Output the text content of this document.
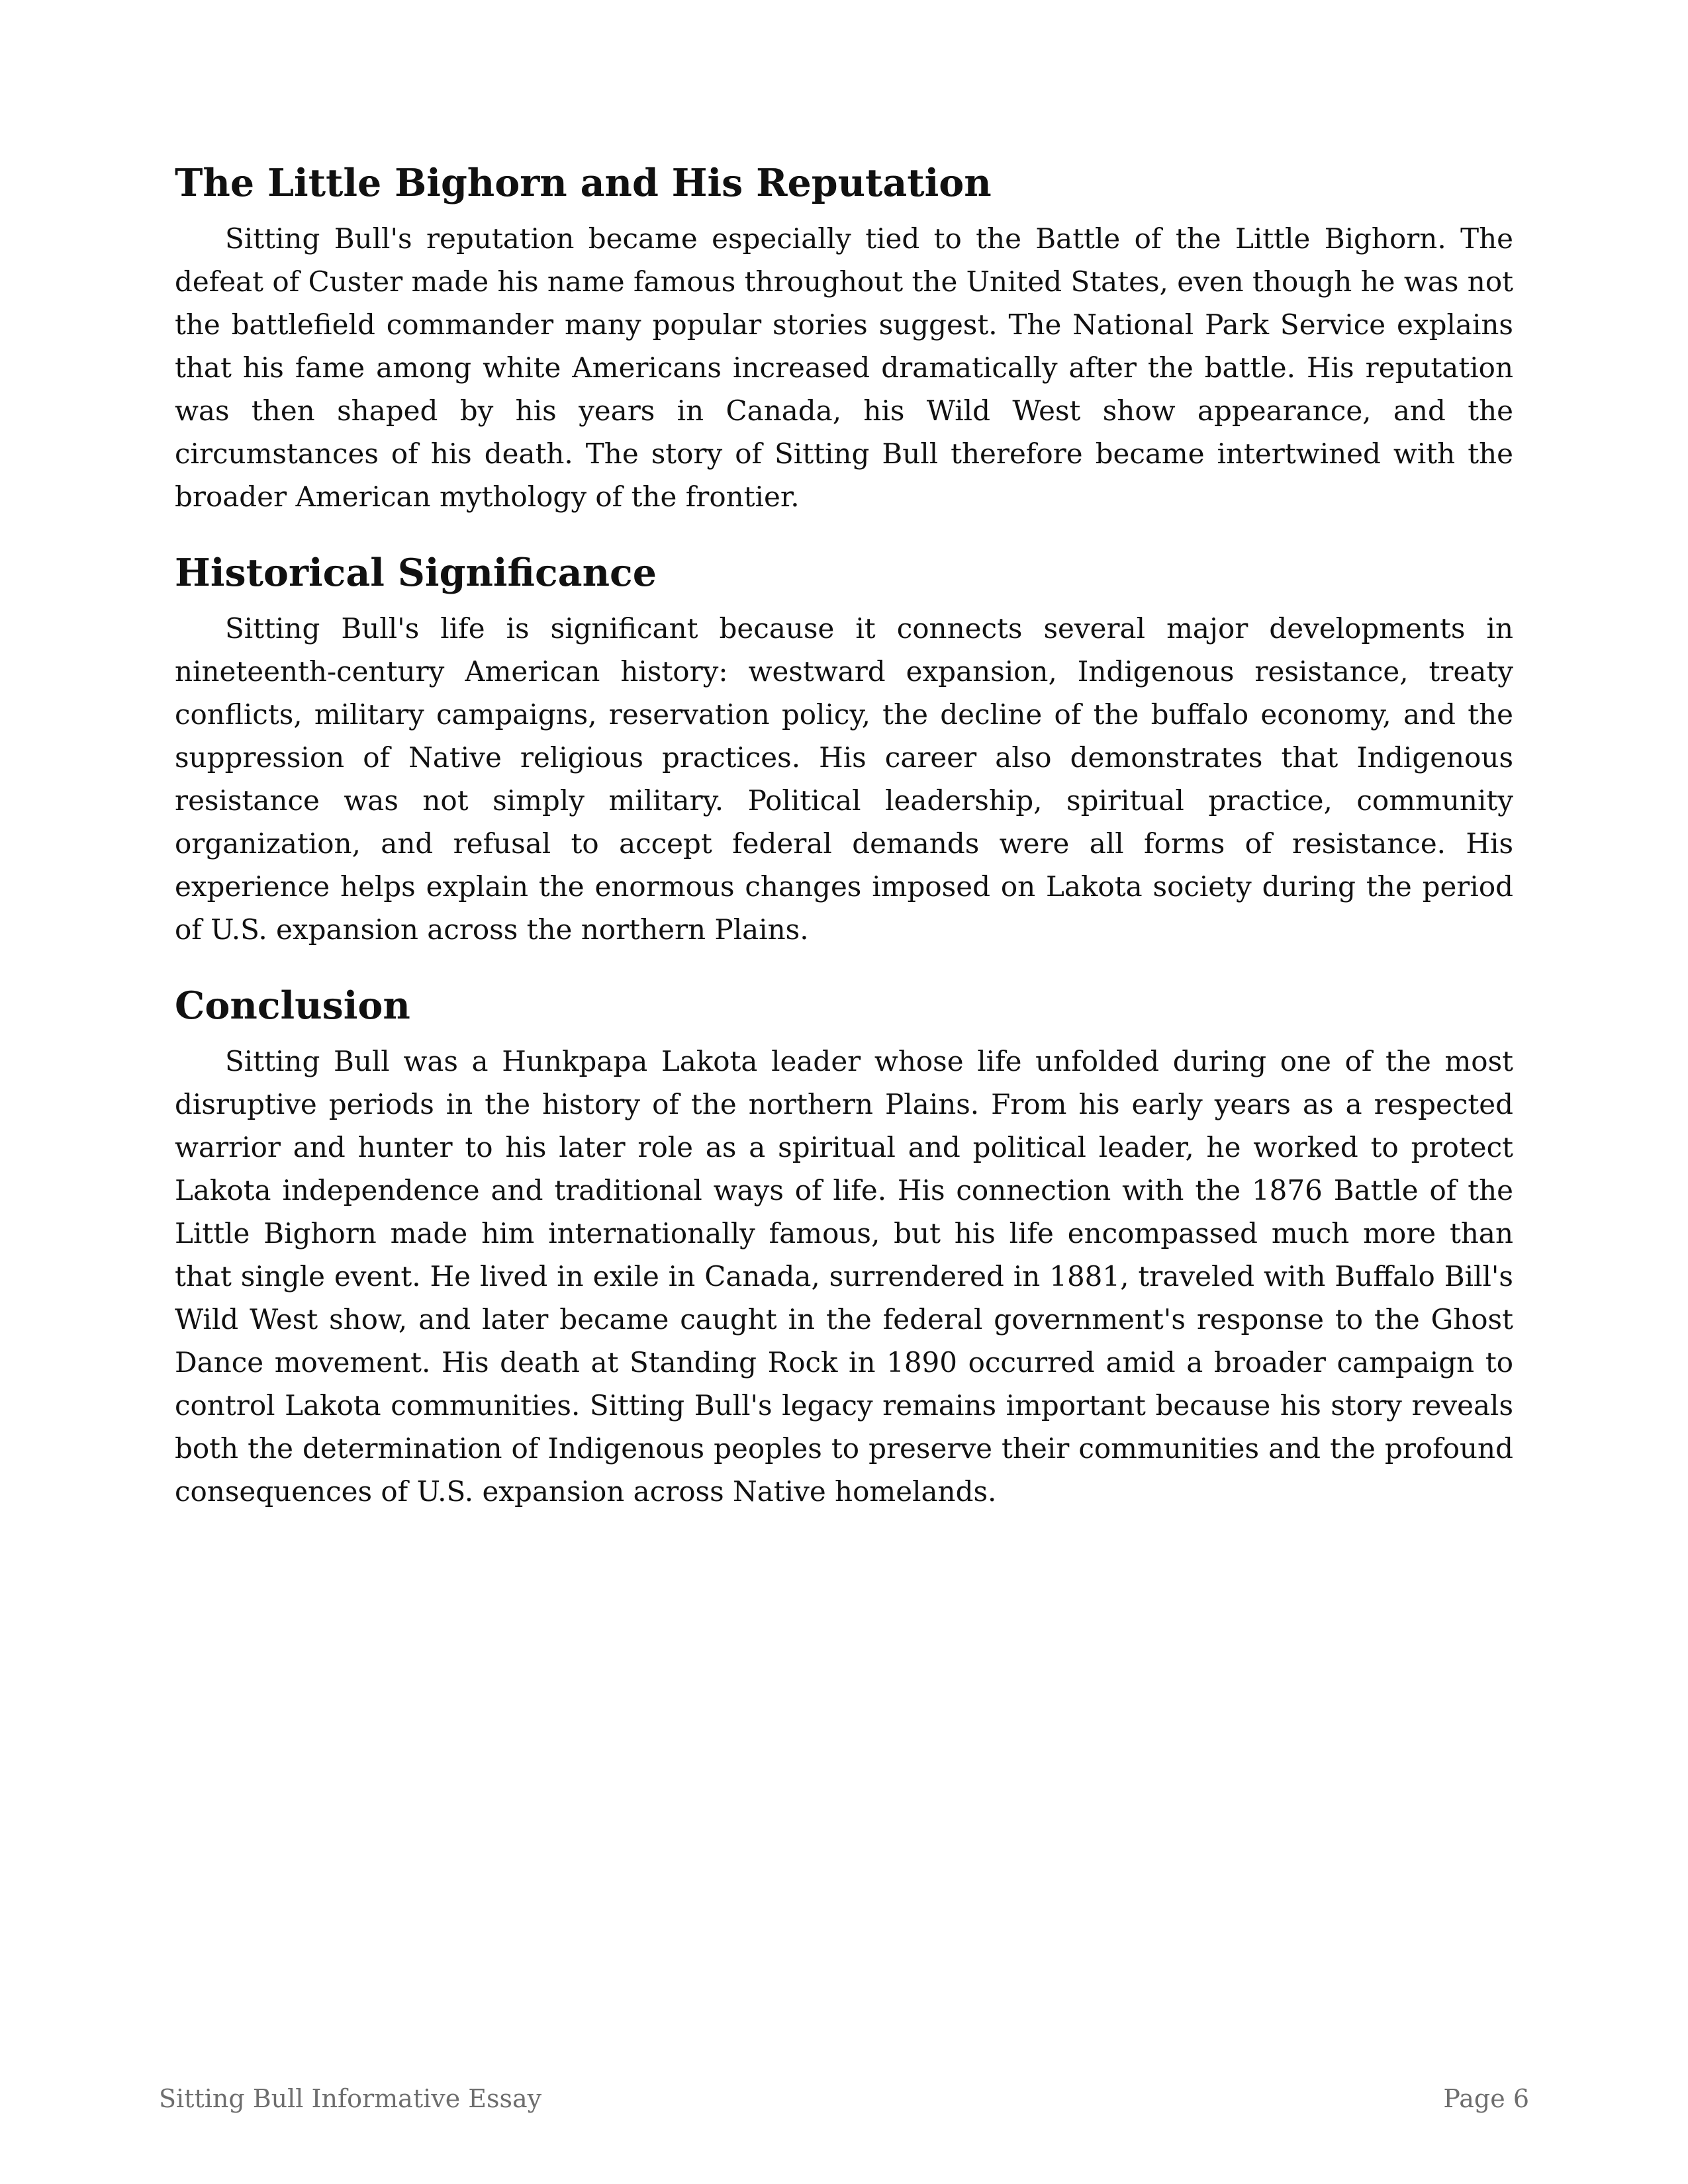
The Little Bighorn and His Reputation

Sitting Bull's reputation became especially tied to the Battle of the Little Bighorn. The defeat of Custer made his name famous throughout the United States, even though he was not the battlefield commander many popular stories suggest. The National Park Service explains that his fame among white Americans increased dramatically after the battle. His reputation was then shaped by his years in Canada, his Wild West show appearance, and the circumstances of his death. The story of Sitting Bull therefore became intertwined with the broader American mythology of the frontier.

Historical Significance

Sitting Bull's life is significant because it connects several major developments in nineteenth-century American history: westward expansion, Indigenous resistance, treaty conflicts, military campaigns, reservation policy, the decline of the buffalo economy, and the suppression of Native religious practices. His career also demonstrates that Indigenous resistance was not simply military. Political leadership, spiritual practice, community organization, and refusal to accept federal demands were all forms of resistance. His experience helps explain the enormous changes imposed on Lakota society during the period of U.S. expansion across the northern Plains.

Conclusion

Sitting Bull was a Hunkpapa Lakota leader whose life unfolded during one of the most disruptive periods in the history of the northern Plains. From his early years as a respected warrior and hunter to his later role as a spiritual and political leader, he worked to protect Lakota independence and traditional ways of life. His connection with the 1876 Battle of the Little Bighorn made him internationally famous, but his life encompassed much more than that single event. He lived in exile in Canada, surrendered in 1881, traveled with Buffalo Bill's Wild West show, and later became caught in the federal government's response to the Ghost Dance movement. His death at Standing Rock in 1890 occurred amid a broader campaign to control Lakota communities. Sitting Bull's legacy remains important because his story reveals both the determination of Indigenous peoples to preserve their communities and the profound consequences of U.S. expansion across Native homelands.

Sitting Bull Informative Essay	Page 6
